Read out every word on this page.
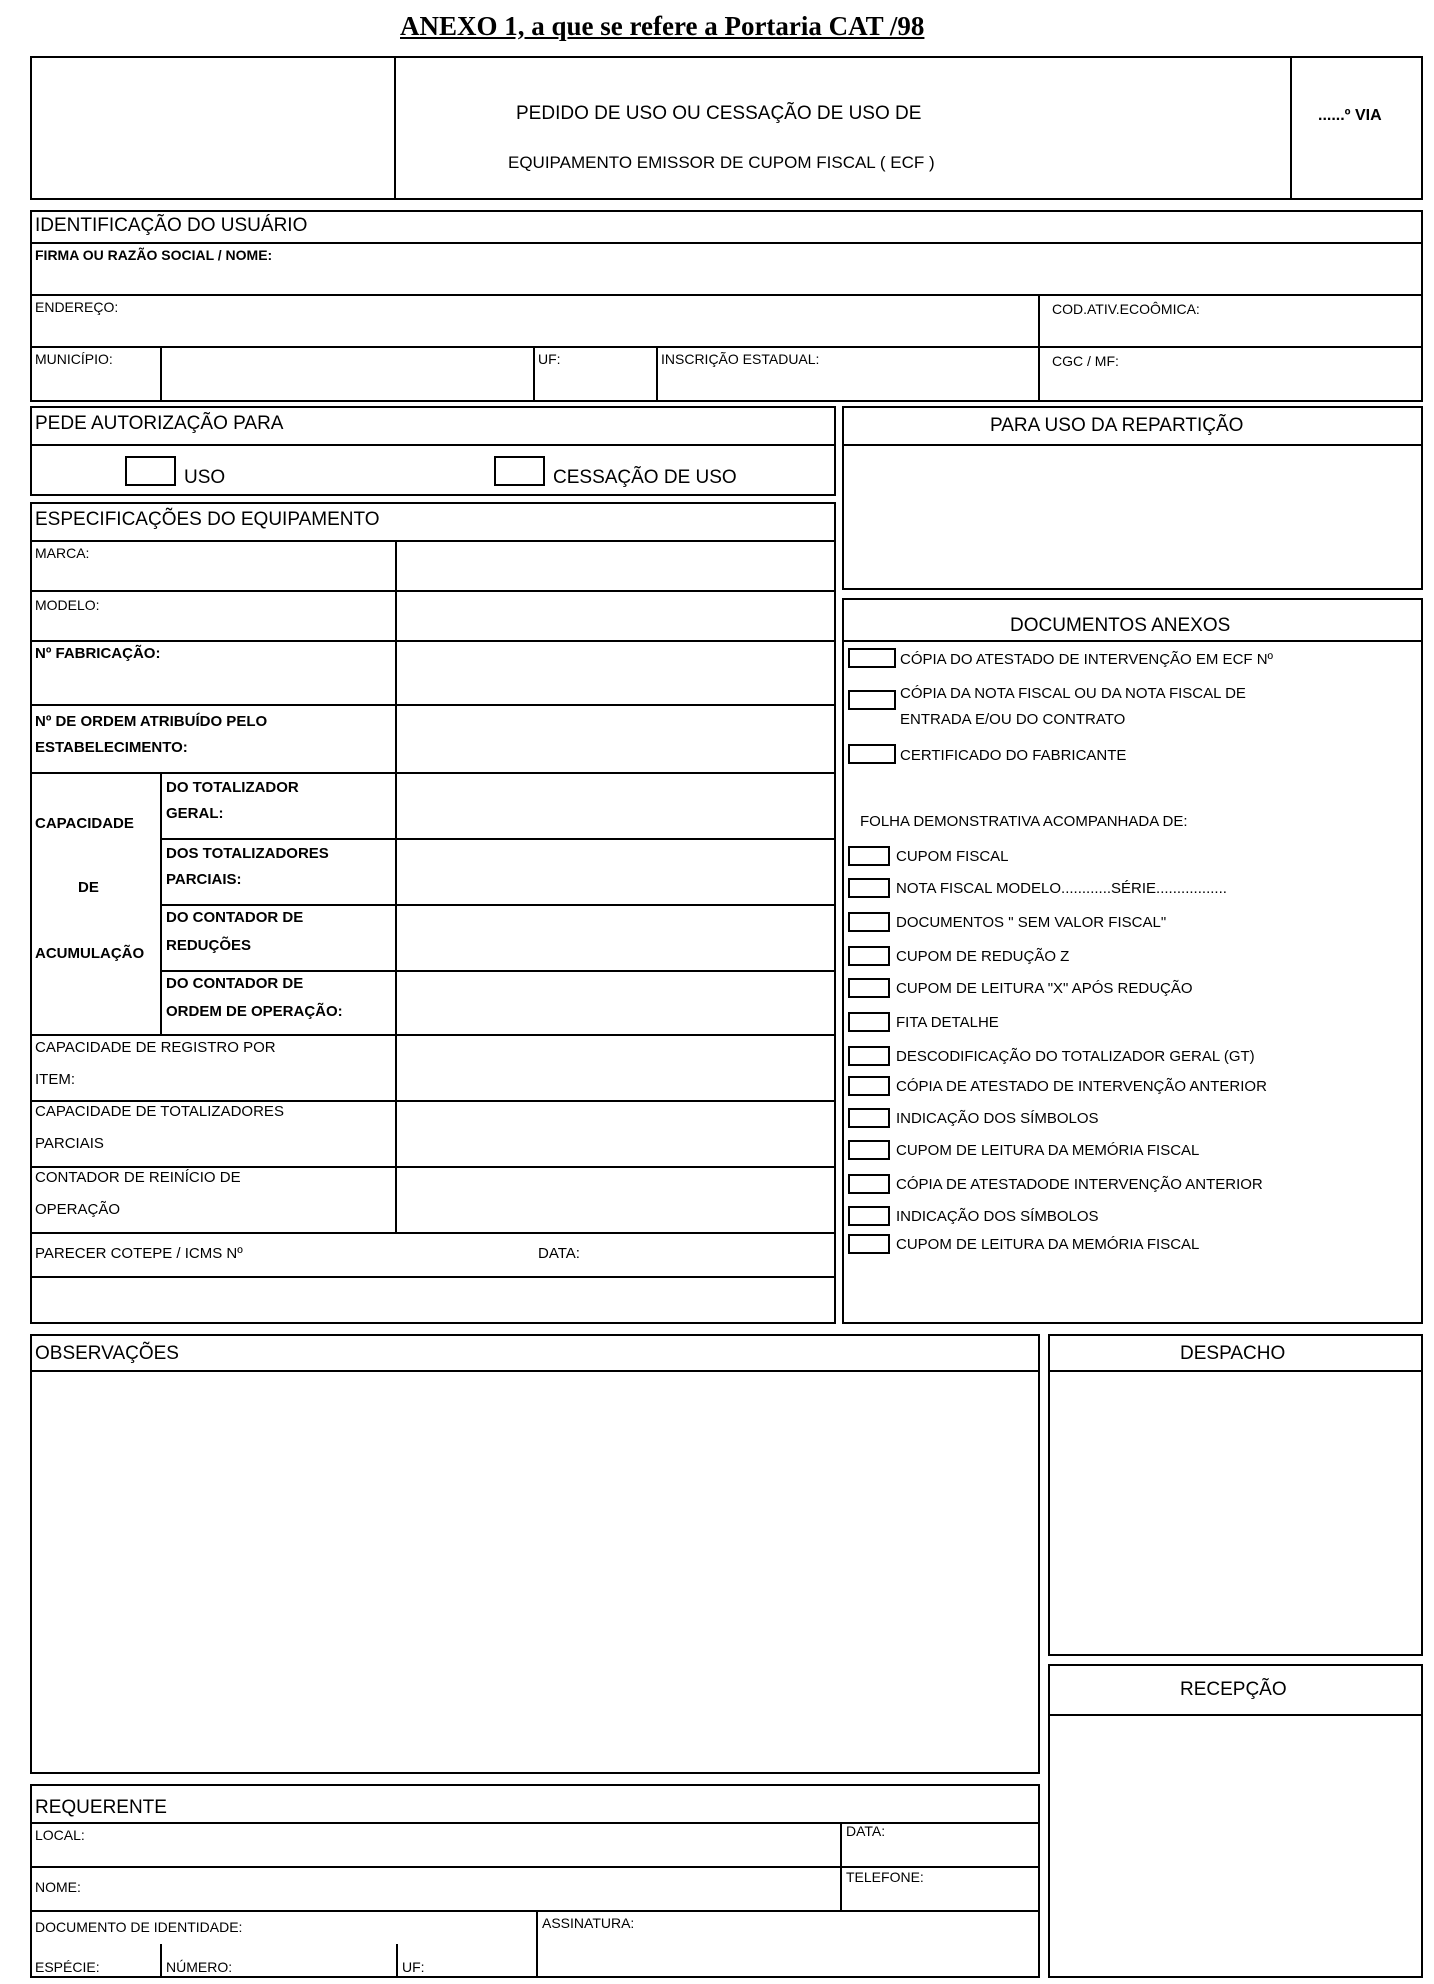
ANEXO 1, a que se refere a Portaria CAT /98
PEDIDO DE USO OU CESSAÇÃO DE USO DE
EQUIPAMENTO EMISSOR DE CUPOM FISCAL ( ECF )
......º VIA
IDENTIFICAÇÃO DO USUÁRIO
FIRMA OU RAZÃO SOCIAL / NOME:
ENDEREÇO:	COD.ATIV.ECOÔMICA:
MUNICÍPIO:	UF:	INSCRIÇÃO ESTADUAL:	CGC / MF:
PEDE AUTORIZAÇÃO PARA
USO	CESSAÇÃO DE USO
PARA USO DA REPARTIÇÃO
ESPECIFICAÇÕES DO EQUIPAMENTO
MARCA:
MODELO:
Nº FABRICAÇÃO:
Nº DE ORDEM ATRIBUÍDO PELO
ESTABELECIMENTO:
CAPACIDADE
DE
ACUMULAÇÃO
DO TOTALIZADOR
GERAL:
DOS TOTALIZADORES
PARCIAIS:
DO CONTADOR DE
REDUÇÕES
DO CONTADOR DE
ORDEM DE OPERAÇÃO:
CAPACIDADE DE REGISTRO POR
ITEM:
CAPACIDADE DE TOTALIZADORES
PARCIAIS
CONTADOR DE REINÍCIO DE
OPERAÇÃO
PARECER COTEPE / ICMS Nº	DATA:
DOCUMENTOS ANEXOS
CÓPIA DO ATESTADO DE INTERVENÇÃO EM ECF Nº
CÓPIA DA NOTA FISCAL OU DA NOTA FISCAL DE
ENTRADA E/OU DO CONTRATO
CERTIFICADO DO FABRICANTE
FOLHA DEMONSTRATIVA ACOMPANHADA DE:
CUPOM FISCAL
NOTA FISCAL MODELO............SÉRIE.................
DOCUMENTOS " SEM VALOR FISCAL"
CUPOM DE REDUÇÃO Z
CUPOM DE LEITURA "X" APÓS REDUÇÃO
FITA DETALHE
DESCODIFICAÇÃO DO TOTALIZADOR GERAL (GT)
CÓPIA DE ATESTADO DE INTERVENÇÃO ANTERIOR
INDICAÇÃO DOS SÍMBOLOS
CUPOM DE LEITURA DA MEMÓRIA FISCAL
CÓPIA DE ATESTADODE INTERVENÇÃO ANTERIOR
INDICAÇÃO DOS SÍMBOLOS
CUPOM DE LEITURA DA MEMÓRIA FISCAL
OBSERVAÇÕES	DESPACHO
RECEPÇÃO
REQUERENTE
LOCAL:	DATA:
NOME:
TELEFONE:
DOCUMENTO DE IDENTIDADE:	ASSINATURA:
ESPÉCIE:	NÚMERO:	UF:
